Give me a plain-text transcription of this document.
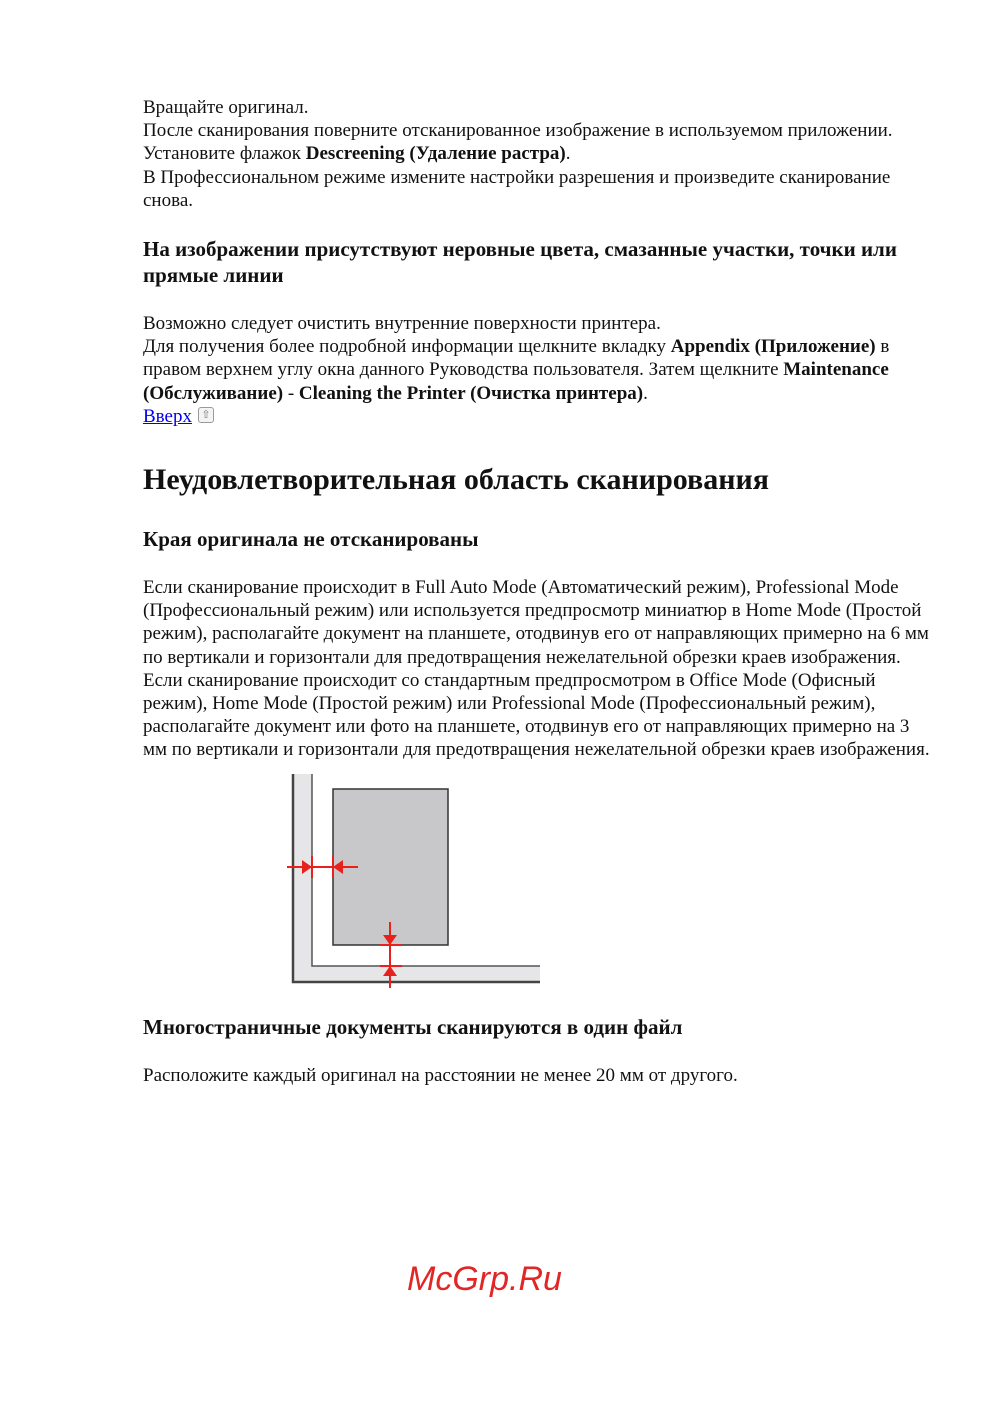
Вращайте оригинал.

После сканирования поверните отсканированное изображение в используемом приложении.

Установите флажок Descreening (Удаление растра).

В Профессиональном режиме измените настройки разрешения и произведите сканирование снова.

На изображении присутствуют неровные цвета, смазанные участки, точки или прямые линии

Возможно следует очистить внутренние поверхности принтера.

Для получения более подробной информации щелкните вкладку Appendix (Приложение) в правом верхнем углу окна данного Руководства пользователя. Затем щелкните Maintenance (Обслуживание) - Cleaning the Printer (Очистка принтера).

Вверх ⇧

Неудовлетворительная область сканирования
Края оригинала не отсканированы

Если сканирование происходит в Full Auto Mode (Автоматический режим), Professional Mode (Профессиональный режим) или используется предпросмотр миниатюр в Home Mode (Простой режим), располагайте документ на планшете, отодвинув его от направляющих примерно на 6 мм по вертикали и горизонтали для предотвращения нежелательной обрезки краев изображения.

Если сканирование происходит со стандартным предпросмотром в Office Mode (Офисный режим), Home Mode (Простой режим) или Professional Mode (Профессиональный режим), располагайте документ или фото на планшете, отодвинув его от направляющих примерно на 3 мм по вертикали и горизонтали для предотвращения нежелательной обрезки краев изображения.

Многостраничные документы сканируются в один файл

Расположите каждый оригинал на расстоянии не менее 20 мм от другого.

McGrp.Ru
